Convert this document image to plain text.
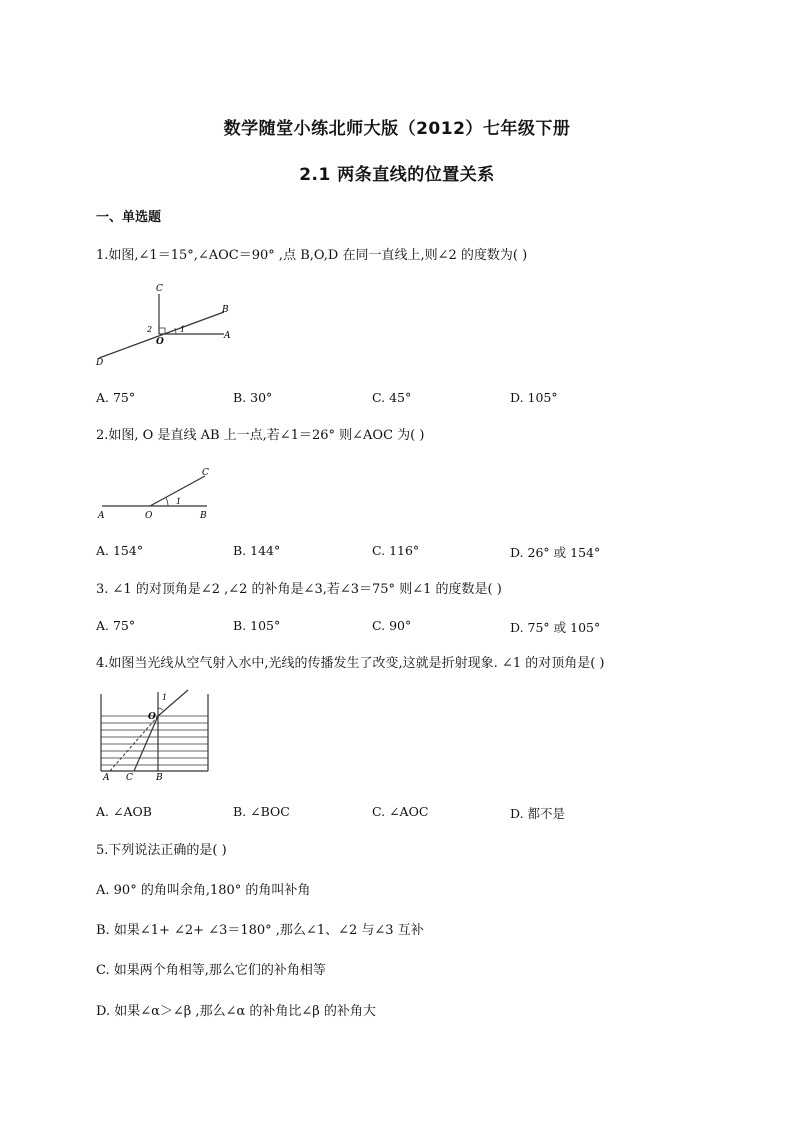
数学随堂小练北师大版（2012）七年级下册
2.1 两条直线的位置关系
一、单选题
1.如图,∠1＝15°,∠AOC＝90° ,点 B,O,D 在同一直线上,则∠2 的度数为( )
C
B
A
O
D
1
2
A. 75°	B. 30°	C. 45°	D. 105°
2.如图, O 是直线 AB 上一点,若∠1＝26° 则∠AOC 为( )
A	O	B
C
1
A. 154°	B. 144°	C. 116°	D. 26° 或 154°
3. ∠1 的对顶角是∠2 ,∠2 的补角是∠3,若∠3＝75° 则∠1 的度数是( )
A. 75°	B. 105°	C. 90°	D. 75° 或 105°
4.如图当光线从空气射入水中,光线的传播发生了改变,这就是折射现象. ∠1 的对顶角是( )
1
O
A C	B
A. ∠AOB	B. ∠BOC	C. ∠AOC	D. 都不是
5.下列说法正确的是( )
A. 90° 的角叫余角,180° 的角叫补角
B. 如果∠1+ ∠2+ ∠3＝180° ,那么∠1、∠2 与∠3 互补
C. 如果两个角相等,那么它们的补角相等
D. 如果∠α＞∠β ,那么∠α 的补角比∠β 的补角大
